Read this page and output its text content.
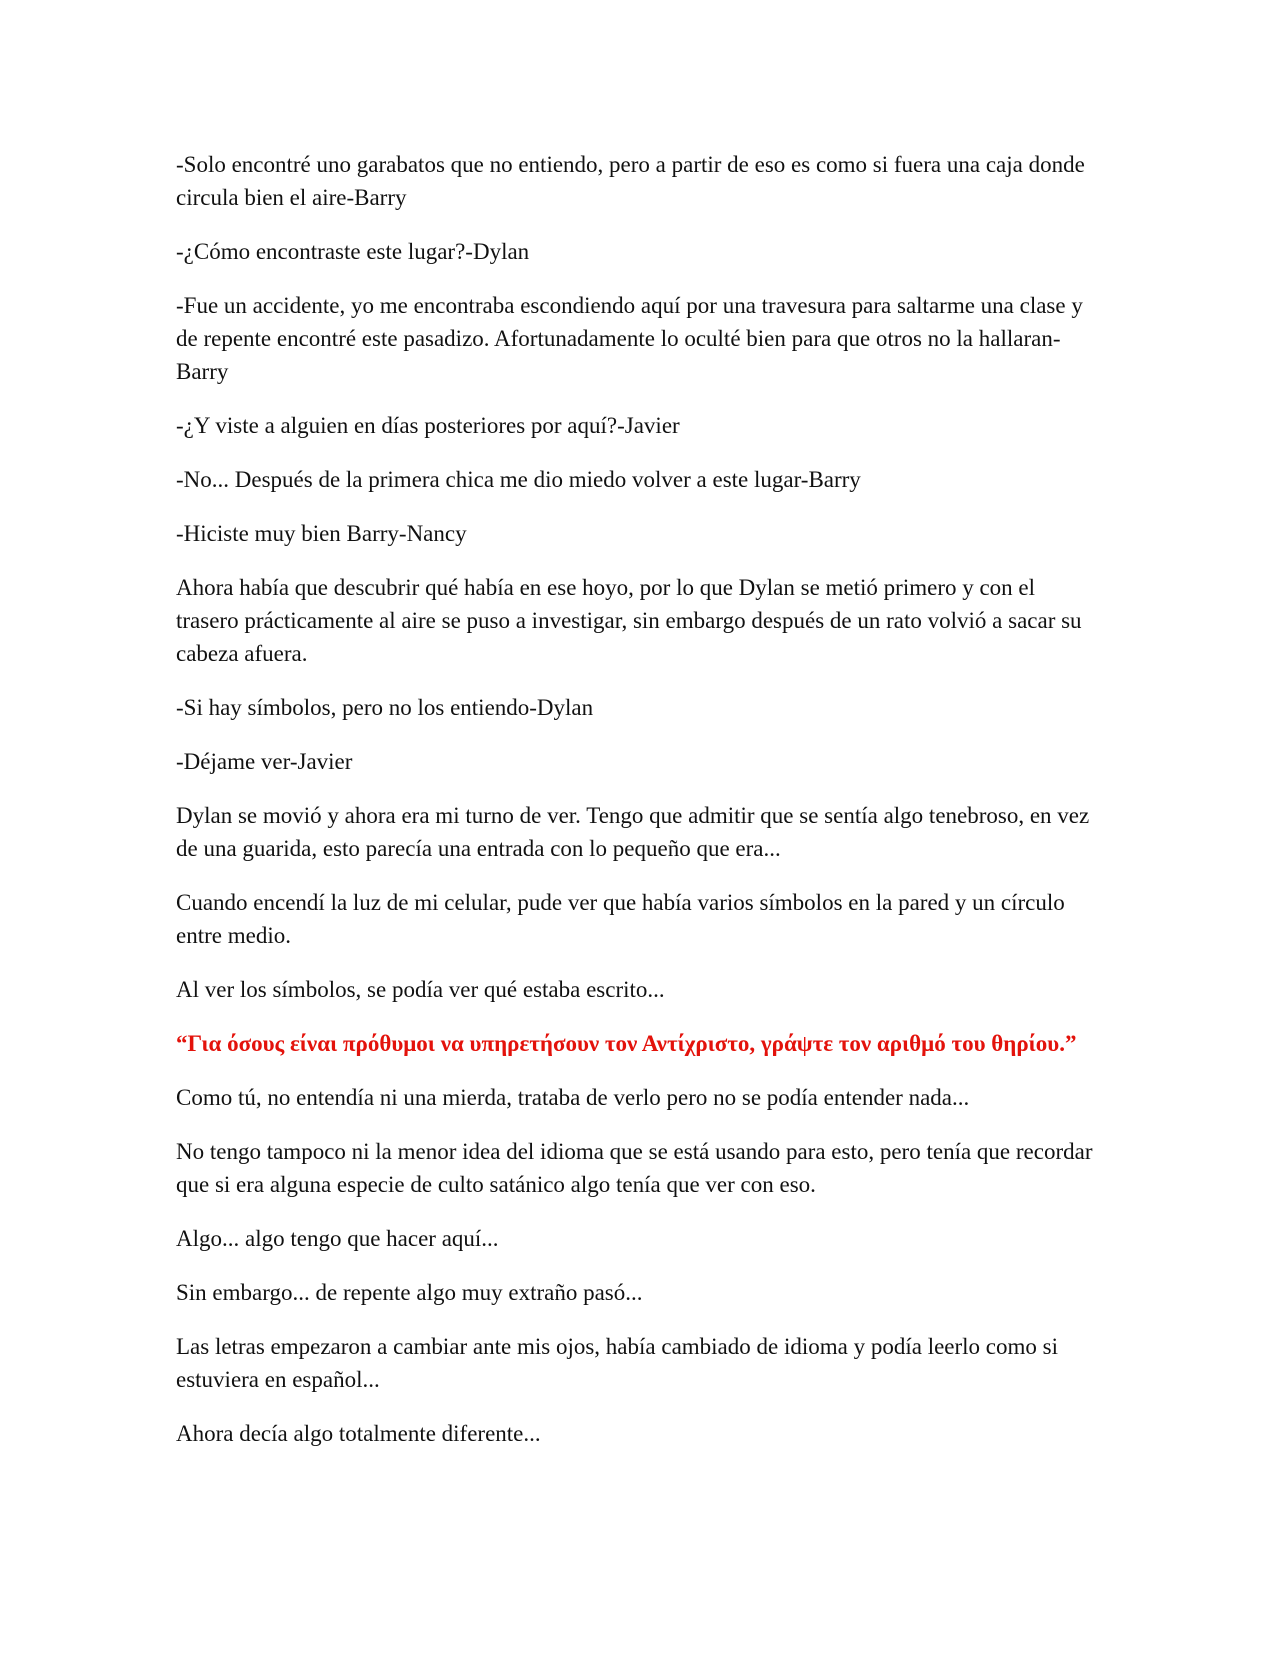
-Solo encontré uno garabatos que no entiendo, pero a partir de eso es como si fuera una caja donde circula bien el aire-Barry

-¿Cómo encontraste este lugar?-Dylan

-Fue un accidente, yo me encontraba escondiendo aquí por una travesura para saltarme una clase y de repente encontré este pasadizo. Afortunadamente lo oculté bien para que otros no la hallaran-Barry

-¿Y viste a alguien en días posteriores por aquí?-Javier

-No... Después de la primera chica me dio miedo volver a este lugar-Barry

-Hiciste muy bien Barry-Nancy

Ahora había que descubrir qué había en ese hoyo, por lo que Dylan se metió primero y con el trasero prácticamente al aire se puso a investigar, sin embargo después de un rato volvió a sacar su cabeza afuera.

-Si hay símbolos, pero no los entiendo-Dylan

-Déjame ver-Javier

Dylan se movió y ahora era mi turno de ver. Tengo que admitir que se sentía algo tenebroso, en vez de una guarida, esto parecía una entrada con lo pequeño que era...

Cuando encendí la luz de mi celular, pude ver que había varios símbolos en la pared y un círculo entre medio.

Al ver los símbolos, se podía ver qué estaba escrito...

“Για όσους είναι πρόθυμοι να υπηρετήσουν τον Αντίχριστο, γράψτε τον αριθμό του θηρίου.”

Como tú, no entendía ni una mierda, trataba de verlo pero no se podía entender nada...

No tengo tampoco ni la menor idea del idioma que se está usando para esto, pero tenía que recordar que si era alguna especie de culto satánico algo tenía que ver con eso.

Algo... algo tengo que hacer aquí...

Sin embargo... de repente algo muy extraño pasó...

Las letras empezaron a cambiar ante mis ojos, había cambiado de idioma y podía leerlo como si estuviera en español...

Ahora decía algo totalmente diferente...
